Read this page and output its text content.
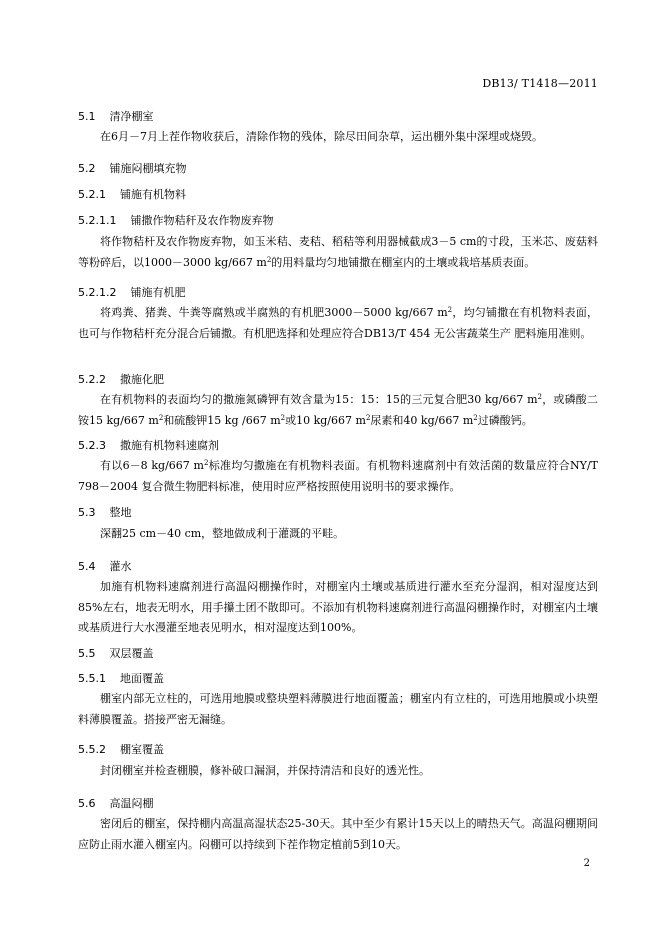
DB13/ T1418—2011
5.1 清净棚室
在6月－7月上茬作物收获后，清除作物的残体，除尽田间杂草，运出棚外集中深埋或烧毁。
5.2 铺施闷棚填充物
5.2.1 铺施有机物料
5.2.1.1 铺撒作物秸秆及农作物废弃物
将作物秸杆及农作物废弃物，如玉米秸、麦秸、稻秸等利用器械截成3－5 cm的寸段，玉米芯、废菇料等粉碎后，以1000－3000 kg/667 $m^2$的用料量均匀地铺撒在棚室内的土壤或栽培基质表面。
5.2.1.2 铺施有机肥
将鸡粪、猪粪、牛粪等腐熟或半腐熟的有机肥3000－5000 kg/667 $m^2$，均匀铺撒在有机物料表面，也可与作物秸杆充分混合后铺撒。有机肥选择和处理应符合DB13/T 454 无公害蔬菜生产 肥料施用准则。
5.2.2 撒施化肥
在有机物料的表面均匀的撒施氮磷钾有效含量为15：15：15的三元复合肥30 kg/667 $m^2$，或磷酸二铵15 kg/667 $m^2$和硫酸钾15 kg /667 $m^2$或10 kg/667 $m^2$尿素和40 kg/667 $m^2$过磷酸钙。
5.2.3 撒施有机物料速腐剂
有以6－8 kg/667 $m^2$标准均匀撒施在有机物料表面。有机物料速腐剂中有效活菌的数量应符合NY/T 798－2004 复合微生物肥料标准，使用时应严格按照使用说明书的要求操作。
5.3 整地
深翻25 cm－40 cm，整地做成利于灌溉的平畦。
5.4 灌水
加施有机物料速腐剂进行高温闷棚操作时，对棚室内土壤或基质进行灌水至充分湿润，相对湿度达到85%左右，地表无明水，用手攥土团不散即可。不添加有机物料速腐剂进行高温闷棚操作时，对棚室内土壤或基质进行大水漫灌至地表见明水，相对湿度达到100%。
5.5 双层覆盖
5.5.1 地面覆盖
棚室内部无立柱的，可选用地膜或整块塑料薄膜进行地面覆盖；棚室内有立柱的，可选用地膜或小块塑料薄膜覆盖。搭接严密无漏缝。
5.5.2 棚室覆盖
封闭棚室并检查棚膜，修补破口漏洞，并保持清洁和良好的透光性。
5.6 高温闷棚
密闭后的棚室，保持棚内高温高湿状态25-30天。其中至少有累计15天以上的晴热天气。高温闷棚期间应防止雨水灌入棚室内。闷棚可以持续到下茬作物定植前5到10天。
2
